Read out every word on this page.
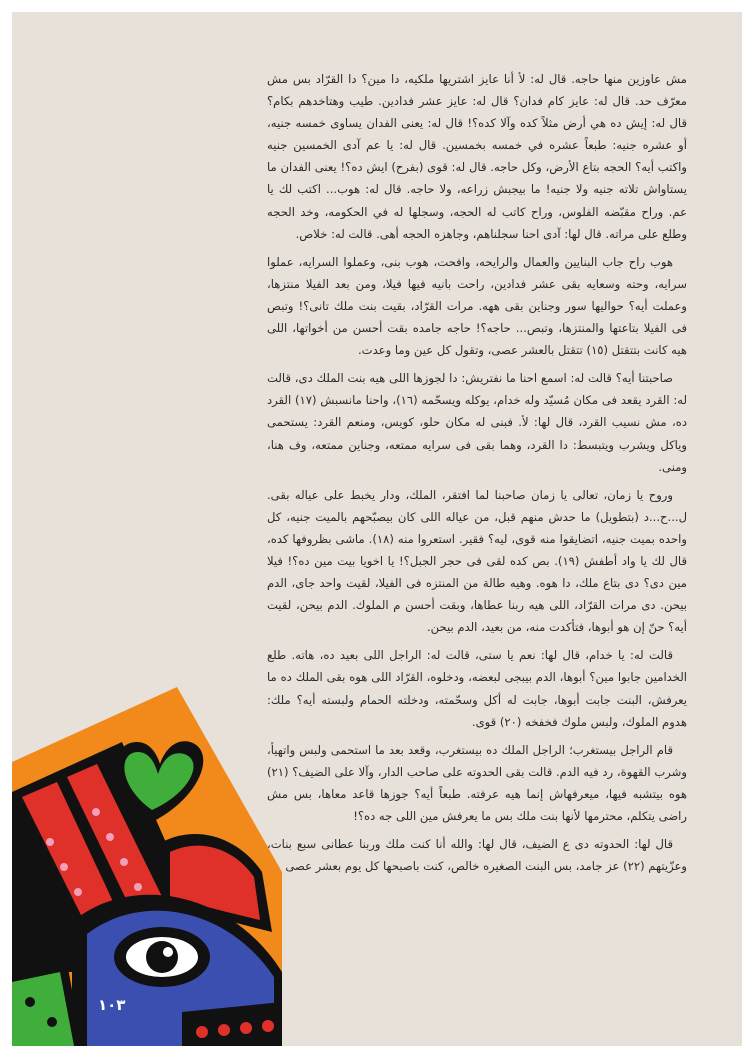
مش عاوزين منها حاجه. قال له: لأ أنا عايز اشتريها ملكيه، دا مين؟ دا القرّاد بس مش معرّف حد. قال له: عايز كام فدان؟ قال له: عايز عشر فدادين. طيب وهتاخدهم بكام؟ قال له: إيش ده هي أرض مثلاً كده وآلا كده؟! قال له: يعنى الفدان يساوى خمسه جنيه، أو عشره جنيه: طبعاً عشره في خمسه بخمسين. قال له: يا عم آدى الخمسين جنيه واكتب أيه؟ الحجه بتاع الأرض، وكل حاجه. قال له: قوى (بفرح) ايش ده؟! يعنى الفدان ما يستاواش تلاته جنيه ولا جنيه! ما بيجبش زراعه، ولا حاجه. قال له: هوب... اكتب لك يا عم. وراح مقبّضه الفلوس، وراح كاتب له الحجه، وسجلها له في الحكومه، وخد الحجه وطلع على مراته. قال لها: آدى احنا سجلناهم، وجاهزه الحجه أهى. قالت له: خلاص.

هوب راح جاب البنايين والعمال والرايحه، وافحت، هوب بنى، وعملوا السرايه، عملوا سرايه، وحته وسعايه بقى عشر فدادين، راحت بانيه فيها فيلا، ومن بعد الفيلا منتزها، وعملت أيه؟ حواليها سور وجناين بقى ههه. مرات القرّاد، بقيت بنت ملك تانى؟! وتبص فى الفيلا بتاعتها والمنتزها، وتبص... حاجه؟! حاجه جامده بقت أحسن من أخواتها، اللى هيه كانت بتتقتل (١٥) تتقتل بالعشر عصى، وتقول كل عين وما وعدت.

صاحبتنا أيه؟ قالت له: اسمع احنا ما نفتريش: دا لجوزها اللى هيه بنت الملك دى، قالت له: القرد يقعد فى مكان مُسيّد وله خدام، يوكله ويسحّمه (١٦)، واحنا مانسبش (١٧) القرد ده، مش نسيب القرد، قال لها: لأ. فبنى له مكان حلو، كويس، ومنعم القرد: يستحمى وياكل ويشرب ويتبسط: دا القرد، وهما بقى فى سرايه ممتعه، وجناين ممتعه، وف هنا، ومنى.

وروح يا زمان، تعالى يا زمان صاحبنا لما افتقر، الملك، ودار يخبط على عياله بقى. ل...ح...د (بتطويل) ما حدش منهم قبل، من عياله اللى كان بيصبّحهم بالميت جنيه، كل واحده بميت جنيه، اتضايقوا منه قوى، ليه؟ فقير. استعروا منه (١٨). ماشى بظروفها كده، قال لك يا واد أطفش (١٩). بص كده لقى فى حجر الجبل؟! يا اخويا بيت مين ده؟! فيلا مين دى؟ دى بتاع ملك، دا هوه. وهيه طالة من المنتزه فى الفيلا، لقيت واحد جاى، الدم بيحن. دى مرات القرّاد، اللى هيه ربنا عطاها، وبقت أحسن م الملوك. الدم بيحن، لقيت أيه؟ حنّ إن هو أبوها، فتأكدت منه، من بعيد، الدم بيحن.

قالت له: يا خدام، قال لها: نعم يا ستى، قالت له: الراجل اللى بعيد ده، هاته. طلع الخدامين جابوا مين؟ أبوها، الدم بيبجى لبعضه، ودخلوه، القرّاد اللى هوه بقى الملك ده ما يعرفش، البنت جابت أبوها، جابت له أكل وسحّمته، ودخلته الحمام ولبسته أيه؟ ملك: هدوم الملوك، ولبس ملوك فخفخه (٢٠) قوى.

قام الراجل بيستغرب؛ الراجل الملك ده بيستغرب، وقعد بعد ما استحمى ولبس واتهيأ، وشرب القهوة، رد فيه الدم. قالت بقى الحدوته على صاحب الدار، وآلا على الضيف؟ (٢١) هوه بيتشبه فيها، ميعرفهاش إنما هيه عرفته. طبعاً أيه؟ جوزها قاعد معاها، بس مش راضى يتكلم، محترمها لأنها بنت ملك بس ما يعرفش مين اللى جه ده؟!

قال لها: الحدوته دى ع الضيف، قال لها: والله أنا كنت ملك وربنا عطانى سبع بنات، وعزّيتهم (٢٢) عز جامد، بس البنت الصغيره خالص، كنت باصبحها كل يوم بعشر عصى

١٠٣
